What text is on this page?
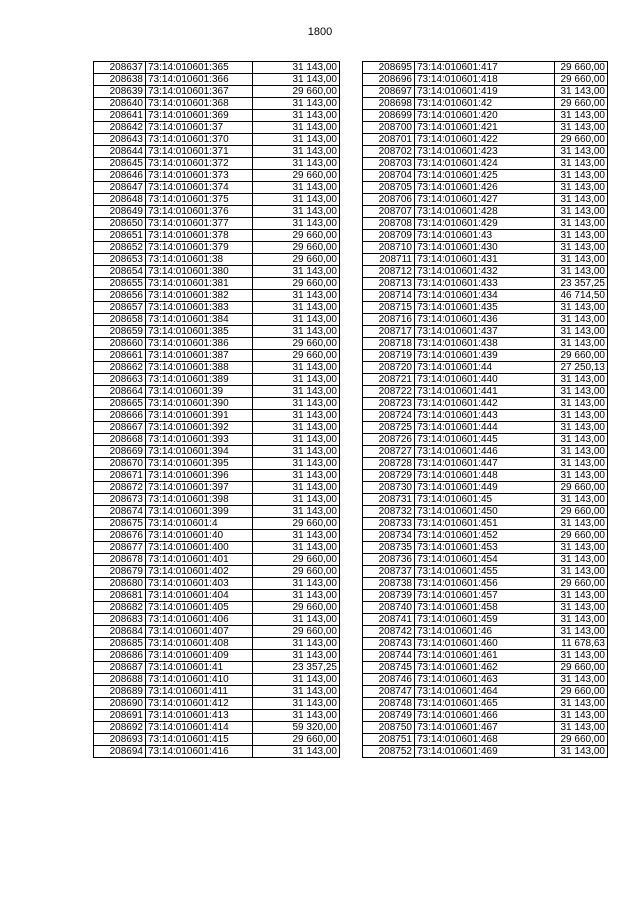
1800
208637	73:14:010601:365	31 143,00
208638	73:14:010601:366	31 143,00
208639	73:14:010601:367	29 660,00
208640	73:14:010601:368	31 143,00
208641	73:14:010601:369	31 143,00
208642	73:14:010601:37	31 143,00
208643	73:14:010601:370	31 143,00
208644	73:14:010601:371	31 143,00
208645	73:14:010601:372	31 143,00
208646	73:14:010601:373	29 660,00
208647	73:14:010601:374	31 143,00
208648	73:14:010601:375	31 143,00
208649	73:14:010601:376	31 143,00
208650	73:14:010601:377	31 143,00
208651	73:14:010601:378	29 660,00
208652	73:14:010601:379	29 660,00
208653	73:14:010601:38	29 660,00
208654	73:14:010601:380	31 143,00
208655	73:14:010601:381	29 660,00
208656	73:14:010601:382	31 143,00
208657	73:14:010601:383	31 143,00
208658	73:14:010601:384	31 143,00
208659	73:14:010601:385	31 143,00
208660	73:14:010601:386	29 660,00
208661	73:14:010601:387	29 660,00
208662	73:14:010601:388	31 143,00
208663	73:14:010601:389	31 143,00
208664	73:14:010601:39	31 143,00
208665	73:14:010601:390	31 143,00
208666	73:14:010601:391	31 143,00
208667	73:14:010601:392	31 143,00
208668	73:14:010601:393	31 143,00
208669	73:14:010601:394	31 143,00
208670	73:14:010601:395	31 143,00
208671	73:14:010601:396	31 143,00
208672	73:14:010601:397	31 143,00
208673	73:14:010601:398	31 143,00
208674	73:14:010601:399	31 143,00
208675	73:14:010601:4	29 660,00
208676	73:14:010601:40	31 143,00
208677	73:14:010601:400	31 143,00
208678	73:14:010601:401	29 660,00
208679	73:14:010601:402	29 660,00
208680	73:14:010601:403	31 143,00
208681	73:14:010601:404	31 143,00
208682	73:14:010601:405	29 660,00
208683	73:14:010601:406	31 143,00
208684	73:14:010601:407	29 660,00
208685	73:14:010601:408	31 143,00
208686	73:14:010601:409	31 143,00
208687	73:14:010601:41	23 357,25
208688	73:14:010601:410	31 143,00
208689	73:14:010601:411	31 143,00
208690	73:14:010601:412	31 143,00
208691	73:14:010601:413	31 143,00
208692	73:14:010601:414	59 320,00
208693	73:14:010601:415	29 660,00
208694	73:14:010601:416	31 143,00
208695	73:14:010601:417	29 660,00
208696	73:14:010601:418	29 660,00
208697	73:14:010601:419	31 143,00
208698	73:14:010601:42	29 660,00
208699	73:14:010601:420	31 143,00
208700	73:14:010601:421	31 143,00
208701	73:14:010601:422	29 660,00
208702	73:14:010601:423	31 143,00
208703	73:14:010601:424	31 143,00
208704	73:14:010601:425	31 143,00
208705	73:14:010601:426	31 143,00
208706	73:14:010601:427	31 143,00
208707	73:14:010601:428	31 143,00
208708	73:14:010601:429	31 143,00
208709	73:14:010601:43	31 143,00
208710	73:14:010601:430	31 143,00
208711	73:14:010601:431	31 143,00
208712	73:14:010601:432	31 143,00
208713	73:14:010601:433	23 357,25
208714	73:14:010601:434	46 714,50
208715	73:14:010601:435	31 143,00
208716	73:14:010601:436	31 143,00
208717	73:14:010601:437	31 143,00
208718	73:14:010601:438	31 143,00
208719	73:14:010601:439	29 660,00
208720	73:14:010601:44	27 250,13
208721	73:14:010601:440	31 143,00
208722	73:14:010601:441	31 143,00
208723	73:14:010601:442	31 143,00
208724	73:14:010601:443	31 143,00
208725	73:14:010601:444	31 143,00
208726	73:14:010601:445	31 143,00
208727	73:14:010601:446	31 143,00
208728	73:14:010601:447	31 143,00
208729	73:14:010601:448	31 143,00
208730	73:14:010601:449	29 660,00
208731	73:14:010601:45	31 143,00
208732	73:14:010601:450	29 660,00
208733	73:14:010601:451	31 143,00
208734	73:14:010601:452	29 660,00
208735	73:14:010601:453	31 143,00
208736	73:14:010601:454	31 143,00
208737	73:14:010601:455	31 143,00
208738	73:14:010601:456	29 660,00
208739	73:14:010601:457	31 143,00
208740	73:14:010601:458	31 143,00
208741	73:14:010601:459	31 143,00
208742	73:14:010601:46	31 143,00
208743	73:14:010601:460	11 678,63
208744	73:14:010601:461	31 143,00
208745	73:14:010601:462	29 660,00
208746	73:14:010601:463	31 143,00
208747	73:14:010601:464	29 660,00
208748	73:14:010601:465	31 143,00
208749	73:14:010601:466	31 143,00
208750	73:14:010601:467	31 143,00
208751	73:14:010601:468	29 660,00
208752	73:14:010601:469	31 143,00
